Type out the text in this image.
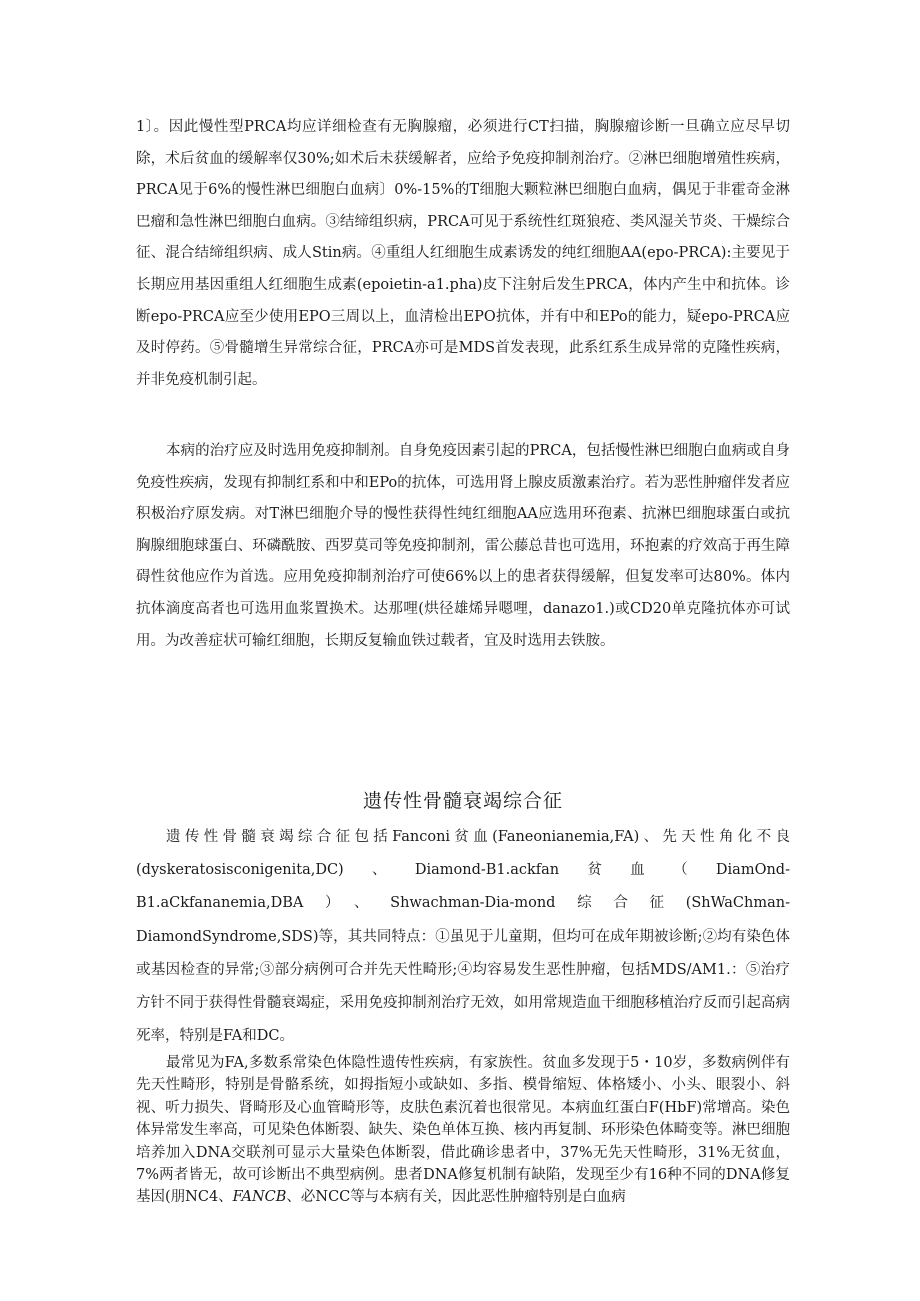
1〕。因此慢性型PRCA均应详细检查有无胸腺瘤，必须进行CT扫描，胸腺瘤诊断一旦确立应尽早切除，术后贫血的缓解率仅30%;如术后未获缓解者，应给予免疫抑制剂治疗。②淋巴细胞增殖性疾病，PRCA见于6%的慢性淋巴细胞白血病〕0%-15%的T细胞大颗粒淋巴细胞白血病，偶见于非霍奇金淋巴瘤和急性淋巴细胞白血病。③结缔组织病，PRCA可见于系统性红斑狼疮、类风湿关节炎、干燥综合征、混合结缔组织病、成人Stin病。④重组人红细胞生成素诱发的纯红细胞AA(epo-PRCA):主要见于长期应用基因重组人红细胞生成素(epoietin-a1.pha)皮下注射后发生PRCA，体内产生中和抗体。诊断epo-PRCA应至少使用EPO三周以上，血清检出EPO抗体，并有中和EPo的能力，疑epo-PRCA应及时停药。⑤骨髓增生异常综合征，PRCA亦可是MDS首发表现，此系红系生成异常的克隆性疾病，并非免疫机制引起。

本病的治疗应及时选用免疫抑制剂。自身免疫因素引起的PRCA，包括慢性淋巴细胞白血病或自身免疫性疾病，发现有抑制红系和中和EPo的抗体，可选用肾上腺皮质激素治疗。若为恶性肿瘤伴发者应积极治疗原发病。对T淋巴细胞介导的慢性获得性纯红细胞AA应选用环孢素、抗淋巴细胞球蛋白或抗胸腺细胞球蛋白、环磷酰胺、西罗莫司等免疫抑制剂，雷公藤总昔也可选用，环抱素的疗效高于再生障碍性贫他应作为首选。应用免疫抑制剂治疗可使66%以上的患者获得缓解，但复发率可达80%。体内抗体滴度高者也可选用血浆置换术。达那哩(烘径雄烯异嗯哩，danazo1.)或CD20单克隆抗体亦可试用。为改善症状可输红细胞，长期反复输血铁过载者，宜及时选用去铁胺。

遗传性骨髓衰竭综合征

遗传性骨髓衰竭综合征包括Fanconi贫血(Faneonianemia,FA)、先天性角化不良(dyskeratosisconigenita,DC)、Diamond-B1.ackfan贫血（DiamOnd-B1.aCkfananemia,DBA）、Shwachman-Dia-mond综合征(ShWaChman-DiamondSyndrome,SDS)等，其共同特点：①虽见于儿童期，但均可在成年期被诊断;②均有染色体或基因检查的异常;③部分病例可合并先天性畸形;④均容易发生恶性肿瘤，包括MDS/AM1.：⑤治疗方针不同于获得性骨髓衰竭症，采用免疫抑制剂治疗无效，如用常规造血干细胞移植治疗反而引起高病死率，特别是FA和DC。

最常见为FA,多数系常染色体隐性遗传性疾病，有家族性。贫血多发现于5・10岁，多数病例伴有先天性畸形，特别是骨骼系统，如拇指短小或缺如、多指、模骨缩短、体格矮小、小头、眼裂小、斜视、听力损失、肾畸形及心血管畸形等，皮肤色素沉着也很常见。本病血红蛋白F(HbF)常增高。染色体异常发生率高，可见染色体断裂、缺失、染色单体互换、核内再复制、环形染色体畸变等。淋巴细胞培养加入DNA交联剂可显示大量染色体断裂，借此确诊患者中，37%无先天性畸形，31%无贫血，7%两者皆无，故可诊断出不典型病例。患者DNA修复机制有缺陷，发现至少有16种不同的DNA修复基因(朋NC4、FANCB、必NCC等与本病有关，因此恶性肿瘤特别是白血病
